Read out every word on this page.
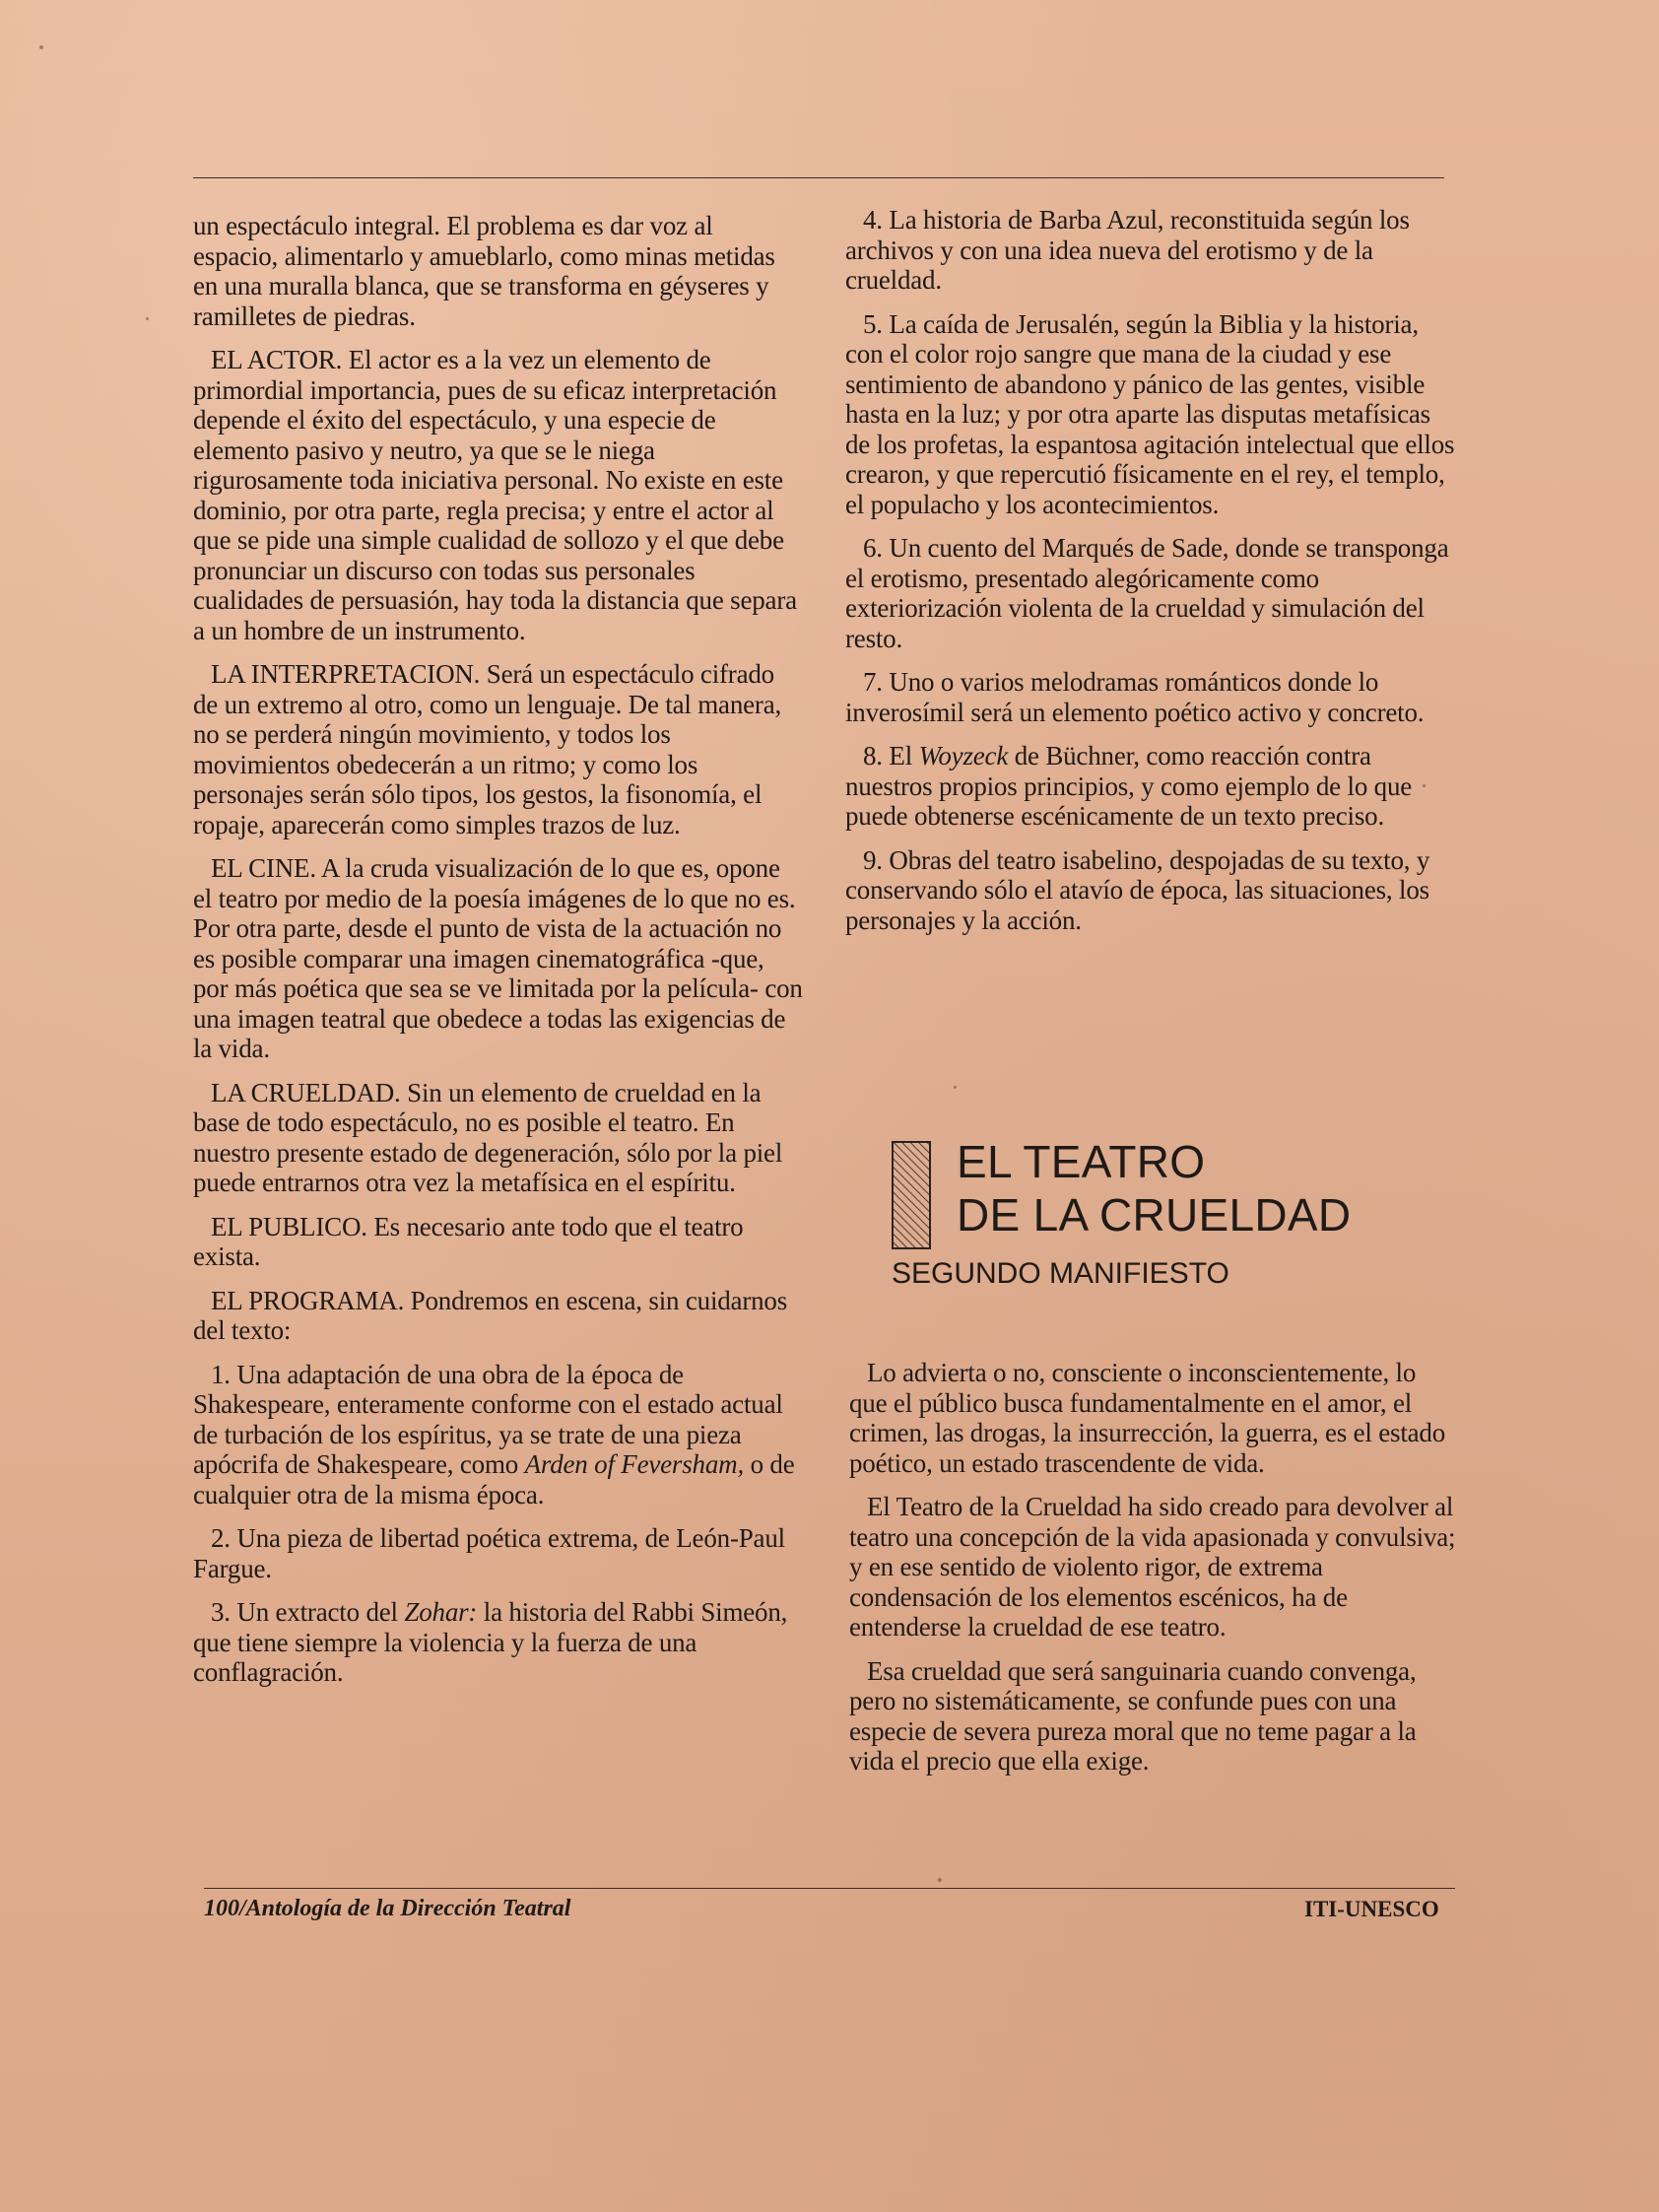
un espectáculo integral. El problema es dar voz al espacio, alimentarlo y amueblarlo, como minas metidas en una muralla blanca, que se transforma en géyseres y ramilletes de piedras.

EL ACTOR. El actor es a la vez un elemento de primordial importancia, pues de su eficaz interpretación depende el éxito del espectáculo, y una especie de elemento pasivo y neutro, ya que se le niega rigurosamente toda iniciativa personal. No existe en este dominio, por otra parte, regla precisa; y entre el actor al que se pide una simple cualidad de sollozo y el que debe pronunciar un discurso con todas sus personales cualidades de persuasión, hay toda la distancia que separa a un hombre de un instrumento.

LA INTERPRETACION. Será un espectáculo cifrado de un extremo al otro, como un lenguaje. De tal manera, no se perderá ningún movimiento, y todos los movimientos obedecerán a un ritmo; y como los personajes serán sólo tipos, los gestos, la fisonomía, el ropaje, aparecerán como simples trazos de luz.

EL CINE. A la cruda visualización de lo que es, opone el teatro por medio de la poesía imágenes de lo que no es. Por otra parte, desde el punto de vista de la actuación no es posible comparar una imagen cinematográfica -que, por más poética que sea se ve limitada por la película- con una imagen teatral que obedece a todas las exigencias de la vida.

LA CRUELDAD. Sin un elemento de crueldad en la base de todo espectáculo, no es posible el teatro. En nuestro presente estado de degeneración, sólo por la piel puede entrarnos otra vez la metafísica en el espíritu.

EL PUBLICO. Es necesario ante todo que el teatro exista.

EL PROGRAMA. Pondremos en escena, sin cuidarnos del texto:

1. Una adaptación de una obra de la época de Shakespeare, enteramente conforme con el estado actual de turbación de los espíritus, ya se trate de una pieza apócrifa de Shakespeare, como Arden of Feversham, o de cualquier otra de la misma época.

2. Una pieza de libertad poética extrema, de León-Paul Fargue.

3. Un extracto del Zohar: la historia del Rabbi Simeón, que tiene siempre la violencia y la fuerza de una conflagración.

4. La historia de Barba Azul, reconstituida según los archivos y con una idea nueva del erotismo y de la crueldad.

5. La caída de Jerusalén, según la Biblia y la historia, con el color rojo sangre que mana de la ciudad y ese sentimiento de abandono y pánico de las gentes, visible hasta en la luz; y por otra aparte las disputas metafísicas de los profetas, la espantosa agitación intelectual que ellos crearon, y que repercutió físicamente en el rey, el templo, el populacho y los acontecimientos.

6. Un cuento del Marqués de Sade, donde se transponga el erotismo, presentado alegóricamente como exteriorización violenta de la crueldad y simulación del resto.

7. Uno o varios melodramas románticos donde lo inverosímil será un elemento poético activo y concreto.

8. El Woyzeck de Büchner, como reacción contra nuestros propios principios, y como ejemplo de lo que puede obtenerse escénicamente de un texto preciso.

9. Obras del teatro isabelino, despojadas de su texto, y conservando sólo el atavío de época, las situaciones, los personajes y la acción.

EL TEATRO
DE LA CRUELDAD
SEGUNDO MANIFIESTO

Lo advierta o no, consciente o inconscientemente, lo que el público busca fundamentalmente en el amor, el crimen, las drogas, la insurrección, la guerra, es el estado poético, un estado trascendente de vida.

El Teatro de la Crueldad ha sido creado para devolver al teatro una concepción de la vida apasionada y convulsiva; y en ese sentido de violento rigor, de extrema condensación de los elementos escénicos, ha de entenderse la crueldad de ese teatro.

Esa crueldad que será sanguinaria cuando convenga, pero no sistemáticamente, se confunde pues con una especie de severa pureza moral que no teme pagar a la vida el precio que ella exige.

100/Antología de la Dirección Teatral	ITI-UNESCO
